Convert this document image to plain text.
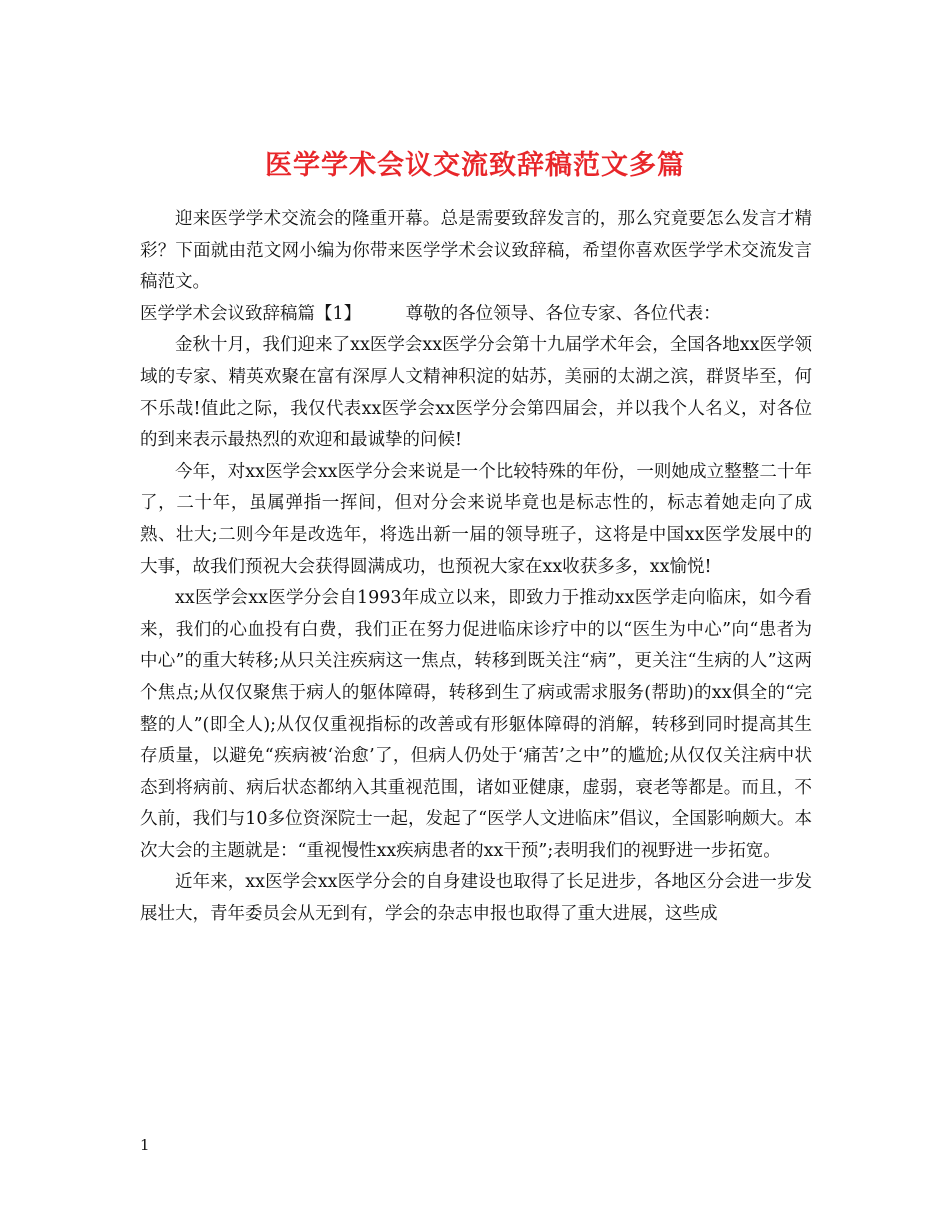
医学学术会议交流致辞稿范文多篇

迎来医学学术交流会的隆重开幕。总是需要致辞发言的，那么究竟要怎么发言才精彩？下面就由范文网小编为你带来医学学术会议致辞稿，希望你喜欢医学学术交流发言稿范文。

医学学术会议致辞稿篇【1】	尊敬的各位领导、各位专家、各位代表：

金秋十月，我们迎来了xx医学会xx医学分会第十九届学术年会，全国各地xx医学领域的专家、精英欢聚在富有深厚人文精神积淀的姑苏，美丽的太湖之滨，群贤毕至，何不乐哉!值此之际，我仅代表xx医学会xx医学分会第四届会，并以我个人名义，对各位的到来表示最热烈的欢迎和最诚挚的问候!

今年，对xx医学会xx医学分会来说是一个比较特殊的年份，一则她成立整整二十年了，二十年，虽属弹指一挥间，但对分会来说毕竟也是标志性的，标志着她走向了成熟、壮大;二则今年是改选年，将选出新一届的领导班子，这将是中国xx医学发展中的大事，故我们预祝大会获得圆满成功，也预祝大家在xx收获多多，xx愉悦!

xx医学会xx医学分会自1993年成立以来，即致力于推动xx医学走向临床，如今看来，我们的心血投有白费，我们正在努力促进临床诊疗中的以“医生为中心”向“患者为中心”的重大转移;从只关注疾病这一焦点，转移到既关注“病”，更关注“生病的人”这两个焦点;从仅仅聚焦于病人的躯体障碍，转移到生了病或需求服务(帮助)的xx俱全的“完整的人”(即全人);从仅仅重视指标的改善或有形躯体障碍的消解，转移到同时提高其生存质量，以避免“疾病被‘治愈’了，但病人仍处于‘痛苦’之中”的尴尬;从仅仅关注病中状态到将病前、病后状态都纳入其重视范围，诸如亚健康，虚弱，衰老等都是。而且，不久前，我们与10多位资深院士一起，发起了“医学人文进临床”倡议，全国影响颇大。本次大会的主题就是：“重视慢性xx疾病患者的xx干预”;表明我们的视野进一步拓宽。

近年来，xx医学会xx医学分会的自身建设也取得了长足进步，各地区分会进一步发展壮大，青年委员会从无到有，学会的杂志申报也取得了重大进展，这些成

1
